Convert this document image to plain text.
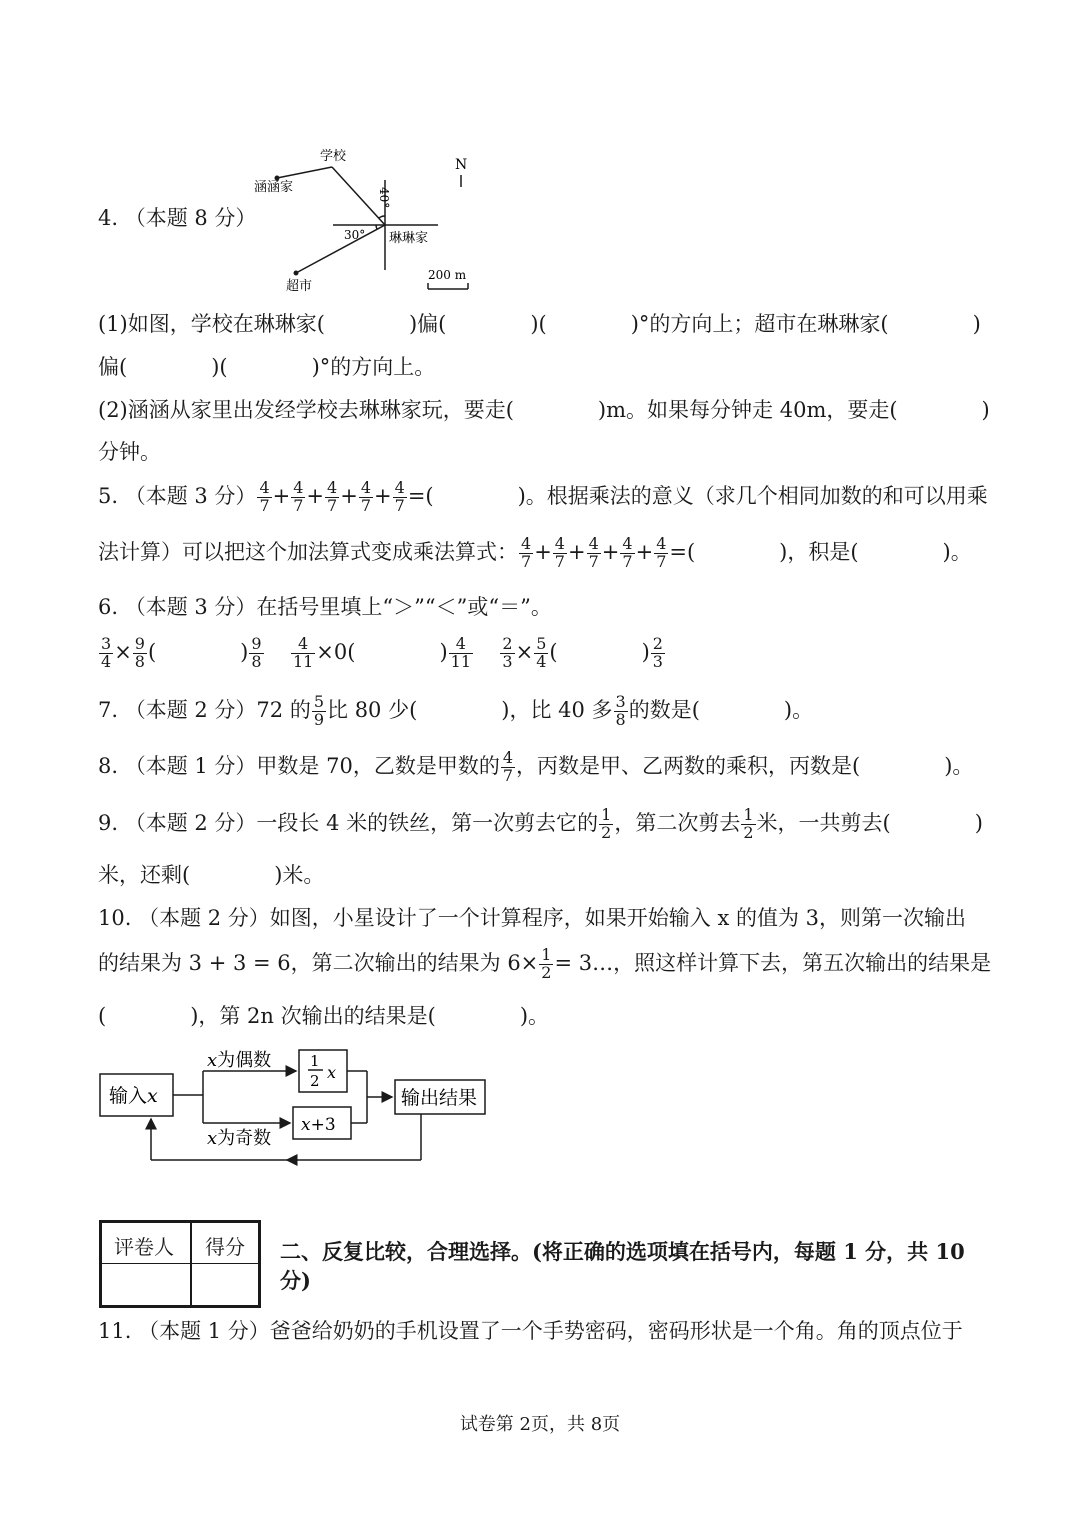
4. （本题 8 分）
学校
涵涵家
N
40°
30° 琳琳家
超市
200 m
(1)如图，学校在琳琳家(　　　　)偏(　　　　)(　　　　)°的方向上；超市在琳琳家(　　　　)
偏(　　　　)(　　　　)°的方向上。
(2)涵涵从家里出发经学校去琳琳家玩，要走(　　　　)m。如果每分钟走 40m，要走(　　　　)
分钟。
5. （本题 3 分） $\frac{4}{7} + \frac{4}{7} + \frac{4}{7} + \frac{4}{7} + \frac{4}{7}$ =(　　　　)。根据乘法的意义（求几个相同加数的和可以用乘
法计算）可以把这个加法算式变成乘法算式： $\frac{4}{7} + \frac{4}{7} + \frac{4}{7} + \frac{4}{7} + \frac{4}{7}$ =(　　　　)，积是(　　　　)。
6. （本题 3 分）在括号里填上“＞”“＜”或“＝”。
$\frac{3}{4} \times \frac{9}{8}$ (　　　　) $\frac{9}{8}$
$\frac{4}{11} \times 0$(　　　　) $\frac{4}{11}$
$\frac{2}{3} \times \frac{5}{4}$ (　　　　) $\frac{2}{3}$
7. （本题 2 分）72 的 $\frac{5}{9}$ 比 80 少(　　　　)，比 40 多 $\frac{3}{8}$ 的数是(　　　　)。
8. （本题 1 分）甲数是 70，乙数是甲数的 $\frac{4}{7}$ ，丙数是甲、乙两数的乘积，丙数是(　　　　)。
9. （本题 2 分）一段长 4 米的铁丝，第一次剪去它的 $\frac{1}{2}$ ，第二次剪去 $\frac{1}{2}$ 米，一共剪去(　　　　)
米，还剩(　　　　)米。
10. （本题 2 分）如图，小星设计了一个计算程序，如果开始输入 x 的值为 3，则第一次输出
的结果为 3 + 3 = 6，第二次输出的结果为 $6\times \frac{1}{2}$ = 3…，照这样计算下去，第五次输出的结果是
(　　　　)，第 2n 次输出的结果是(　　　　)。
输入𝑥
𝑥为偶数
𝑥为奇数
1
2 𝑥
𝑥+3
输出结果
评卷人 得分 二、反复比较，合理选择。(将正确的选项填在括号内，每题 1 分，共 10
分)
11. （本题 1 分）爸爸给奶奶的手机设置了一个手势密码，密码形状是一个角。角的顶点位于
试卷第 2页，共 8页
